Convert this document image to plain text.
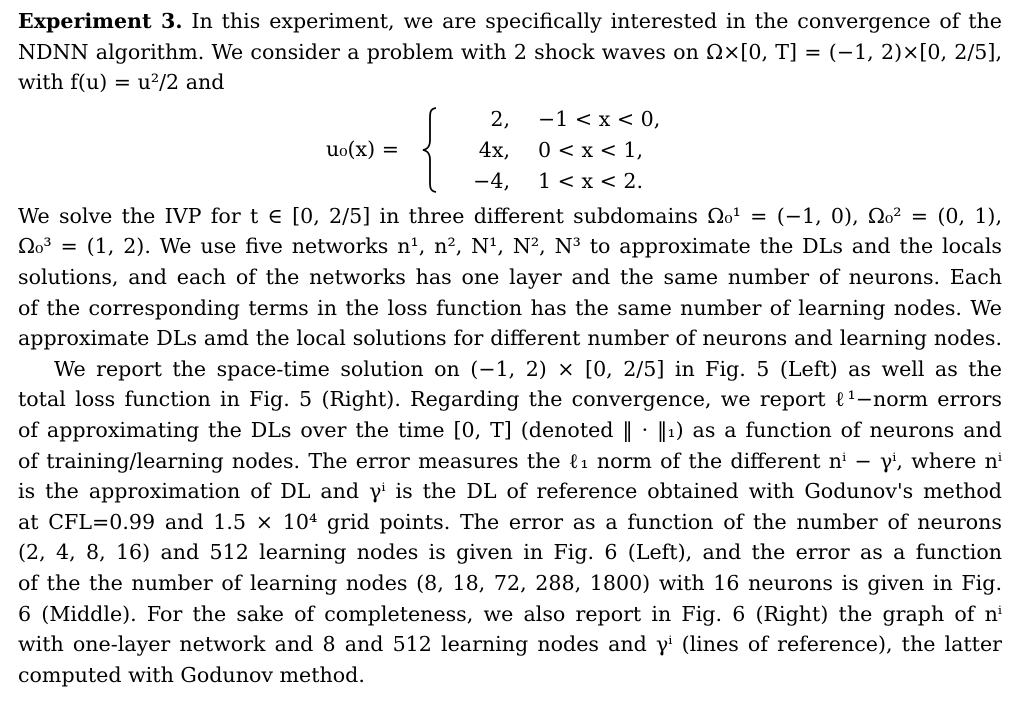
Experiment 3. In this experiment, we are specifically interested in the convergence of the
NDNN algorithm. We consider a problem with 2 shock waves on Ω×[0, T] = (−1, 2)×[0, 2/5],
with f(u) = u²/2 and
u₀(x) =
2, −1 < x < 0,
4x, 0 < x < 1,
−4, 1 < x < 2.
We solve the IVP for t ∈ [0, 2/5] in three different subdomains Ω₀¹ = (−1, 0), Ω₀² = (0, 1),
Ω₀³ = (1, 2). We use five networks n¹, n², N¹, N², N³ to approximate the DLs and the locals
solutions, and each of the networks has one layer and the same number of neurons. Each
of the corresponding terms in the loss function has the same number of learning nodes. We
approximate DLs amd the local solutions for different number of neurons and learning nodes.
We report the space-time solution on (−1, 2) × [0, 2/5] in Fig. 5 (Left) as well as the
total loss function in Fig. 5 (Right). Regarding the convergence, we report ℓ¹−norm errors
of approximating the DLs over the time [0, T] (denoted ‖ · ‖₁) as a function of neurons and
of training/learning nodes. The error measures the ℓ₁ norm of the different nⁱ − γⁱ, where nⁱ
is the approximation of DL and γⁱ is the DL of reference obtained with Godunov's method
at CFL=0.99 and 1.5 × 10⁴ grid points. The error as a function of the number of neurons
(2, 4, 8, 16) and 512 learning nodes is given in Fig. 6 (Left), and the error as a function
of the the number of learning nodes (8, 18, 72, 288, 1800) with 16 neurons is given in Fig.
6 (Middle). For the sake of completeness, we also report in Fig. 6 (Right) the graph of nⁱ
with one-layer network and 8 and 512 learning nodes and γⁱ (lines of reference), the latter
computed with Godunov method.
